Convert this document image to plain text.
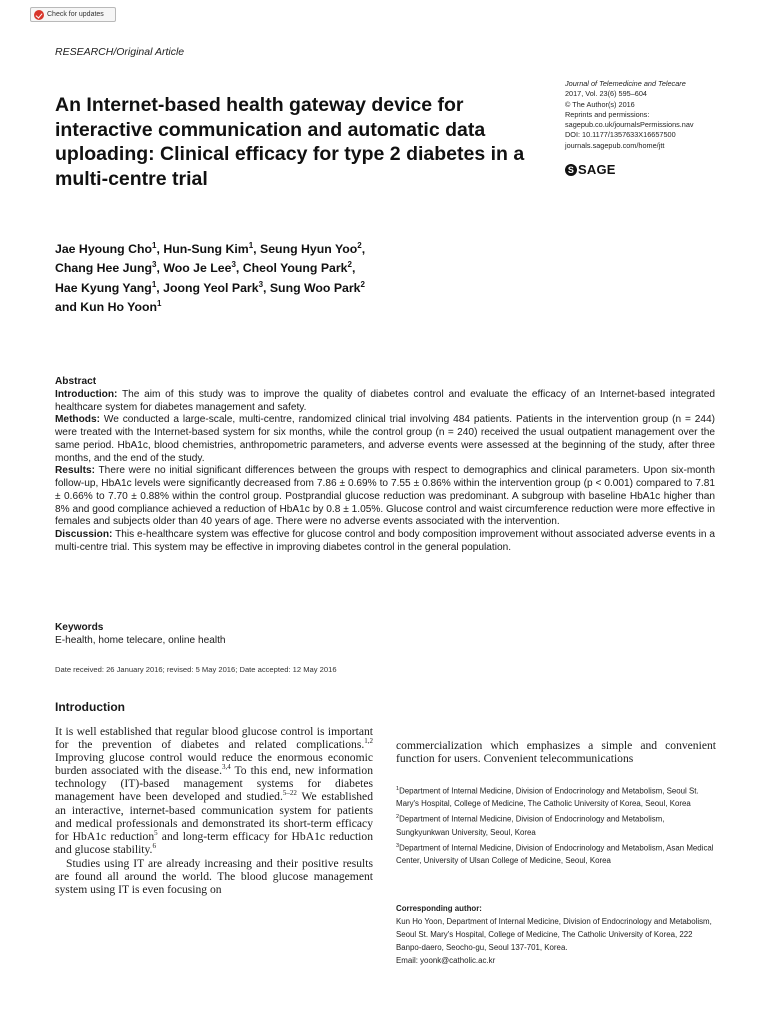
Check for updates
RESEARCH/Original Article
An Internet-based health gateway device for interactive communication and automatic data uploading: Clinical efficacy for type 2 diabetes in a multi-centre trial
Journal of Telemedicine and Telecare
2017, Vol. 23(6) 595–604
© The Author(s) 2016
Reprints and permissions:
sagepub.co.uk/journalsPermissions.nav
DOI: 10.1177/1357633X16657500
journals.sagepub.com/home/jtt
S SAGE
Jae Hyoung Cho$^1$, Hun-Sung Kim$^1$, Seung Hyun Yoo$^2$,
Chang Hee Jung$^3$, Woo Je Lee$^3$, Cheol Young Park$^2$,
Hae Kyung Yang$^1$, Joong Yeol Park$^3$, Sung Woo Park$^2$
and Kun Ho Yoon$^1$
Abstract

Introduction: The aim of this study was to improve the quality of diabetes control and evaluate the efficacy of an Internet-based integrated healthcare system for diabetes management and safety.

Methods: We conducted a large-scale, multi-centre, randomized clinical trial involving 484 patients. Patients in the intervention group (n = 244) were treated with the Internet-based system for six months, while the control group (n = 240) received the usual outpatient management over the same period. HbA1c, blood chemistries, anthropometric parameters, and adverse events were assessed at the beginning of the study, after three months, and the end of the study.

Results: There were no initial significant differences between the groups with respect to demographics and clinical parameters. Upon six-month follow-up, HbA1c levels were significantly decreased from 7.86 ± 0.69% to 7.55 ± 0.86% within the intervention group (p < 0.001) compared to 7.81 ± 0.66% to 7.70 ± 0.88% within the control group. Postprandial glucose reduction was predominant. A subgroup with baseline HbA1c higher than 8% and good compliance achieved a reduction of HbA1c by 0.8 ± 1.05%. Glucose control and waist circumference reduction were more effective in females and subjects older than 40 years of age. There were no adverse events associated with the intervention.

Discussion: This e-healthcare system was effective for glucose control and body composition improvement without associated adverse events in a multi-centre trial. This system may be effective in improving diabetes control in the general population.

Keywords
E-health, home telecare, online health
Date received: 26 January 2016; revised: 5 May 2016; Date accepted: 12 May 2016
Introduction

It is well established that regular blood glucose control is important for the prevention of diabetes and related complications.$^{1,2}$ Improving glucose control would reduce the enormous economic burden associated with the disease.$^{3,4}$ To this end, new information technology (IT)-based management systems for diabetes management have been developed and studied.$^{5-22}$ We established an interactive, internet-based communication system for patients and medical professionals and demonstrated its short-term efficacy for HbA1c reduction$^5$ and long-term efficacy for HbA1c reduction and glucose stability.$^6$

Studies using IT are already increasing and their positive results are found all around the world. The blood glucose management system using IT is even focusing on

commercialization which emphasizes a simple and convenient function for users. Convenient telecommunications
$^1$Department of Internal Medicine, Division of Endocrinology and Metabolism, Seoul St. Mary's Hospital, College of Medicine, The Catholic University of Korea, Seoul, Korea
$^2$Department of Internal Medicine, Division of Endocrinology and Metabolism, Sungkyunkwan University, Seoul, Korea
$^3$Department of Internal Medicine, Division of Endocrinology and Metabolism, Asan Medical Center, University of Ulsan College of Medicine, Seoul, Korea
Corresponding author:
Kun Ho Yoon, Department of Internal Medicine, Division of Endocrinology and Metabolism, Seoul St. Mary's Hospital, College of Medicine, The Catholic University of Korea, 222 Banpo-daero, Seocho-gu, Seoul 137-701, Korea.
Email: yoonk@catholic.ac.kr
